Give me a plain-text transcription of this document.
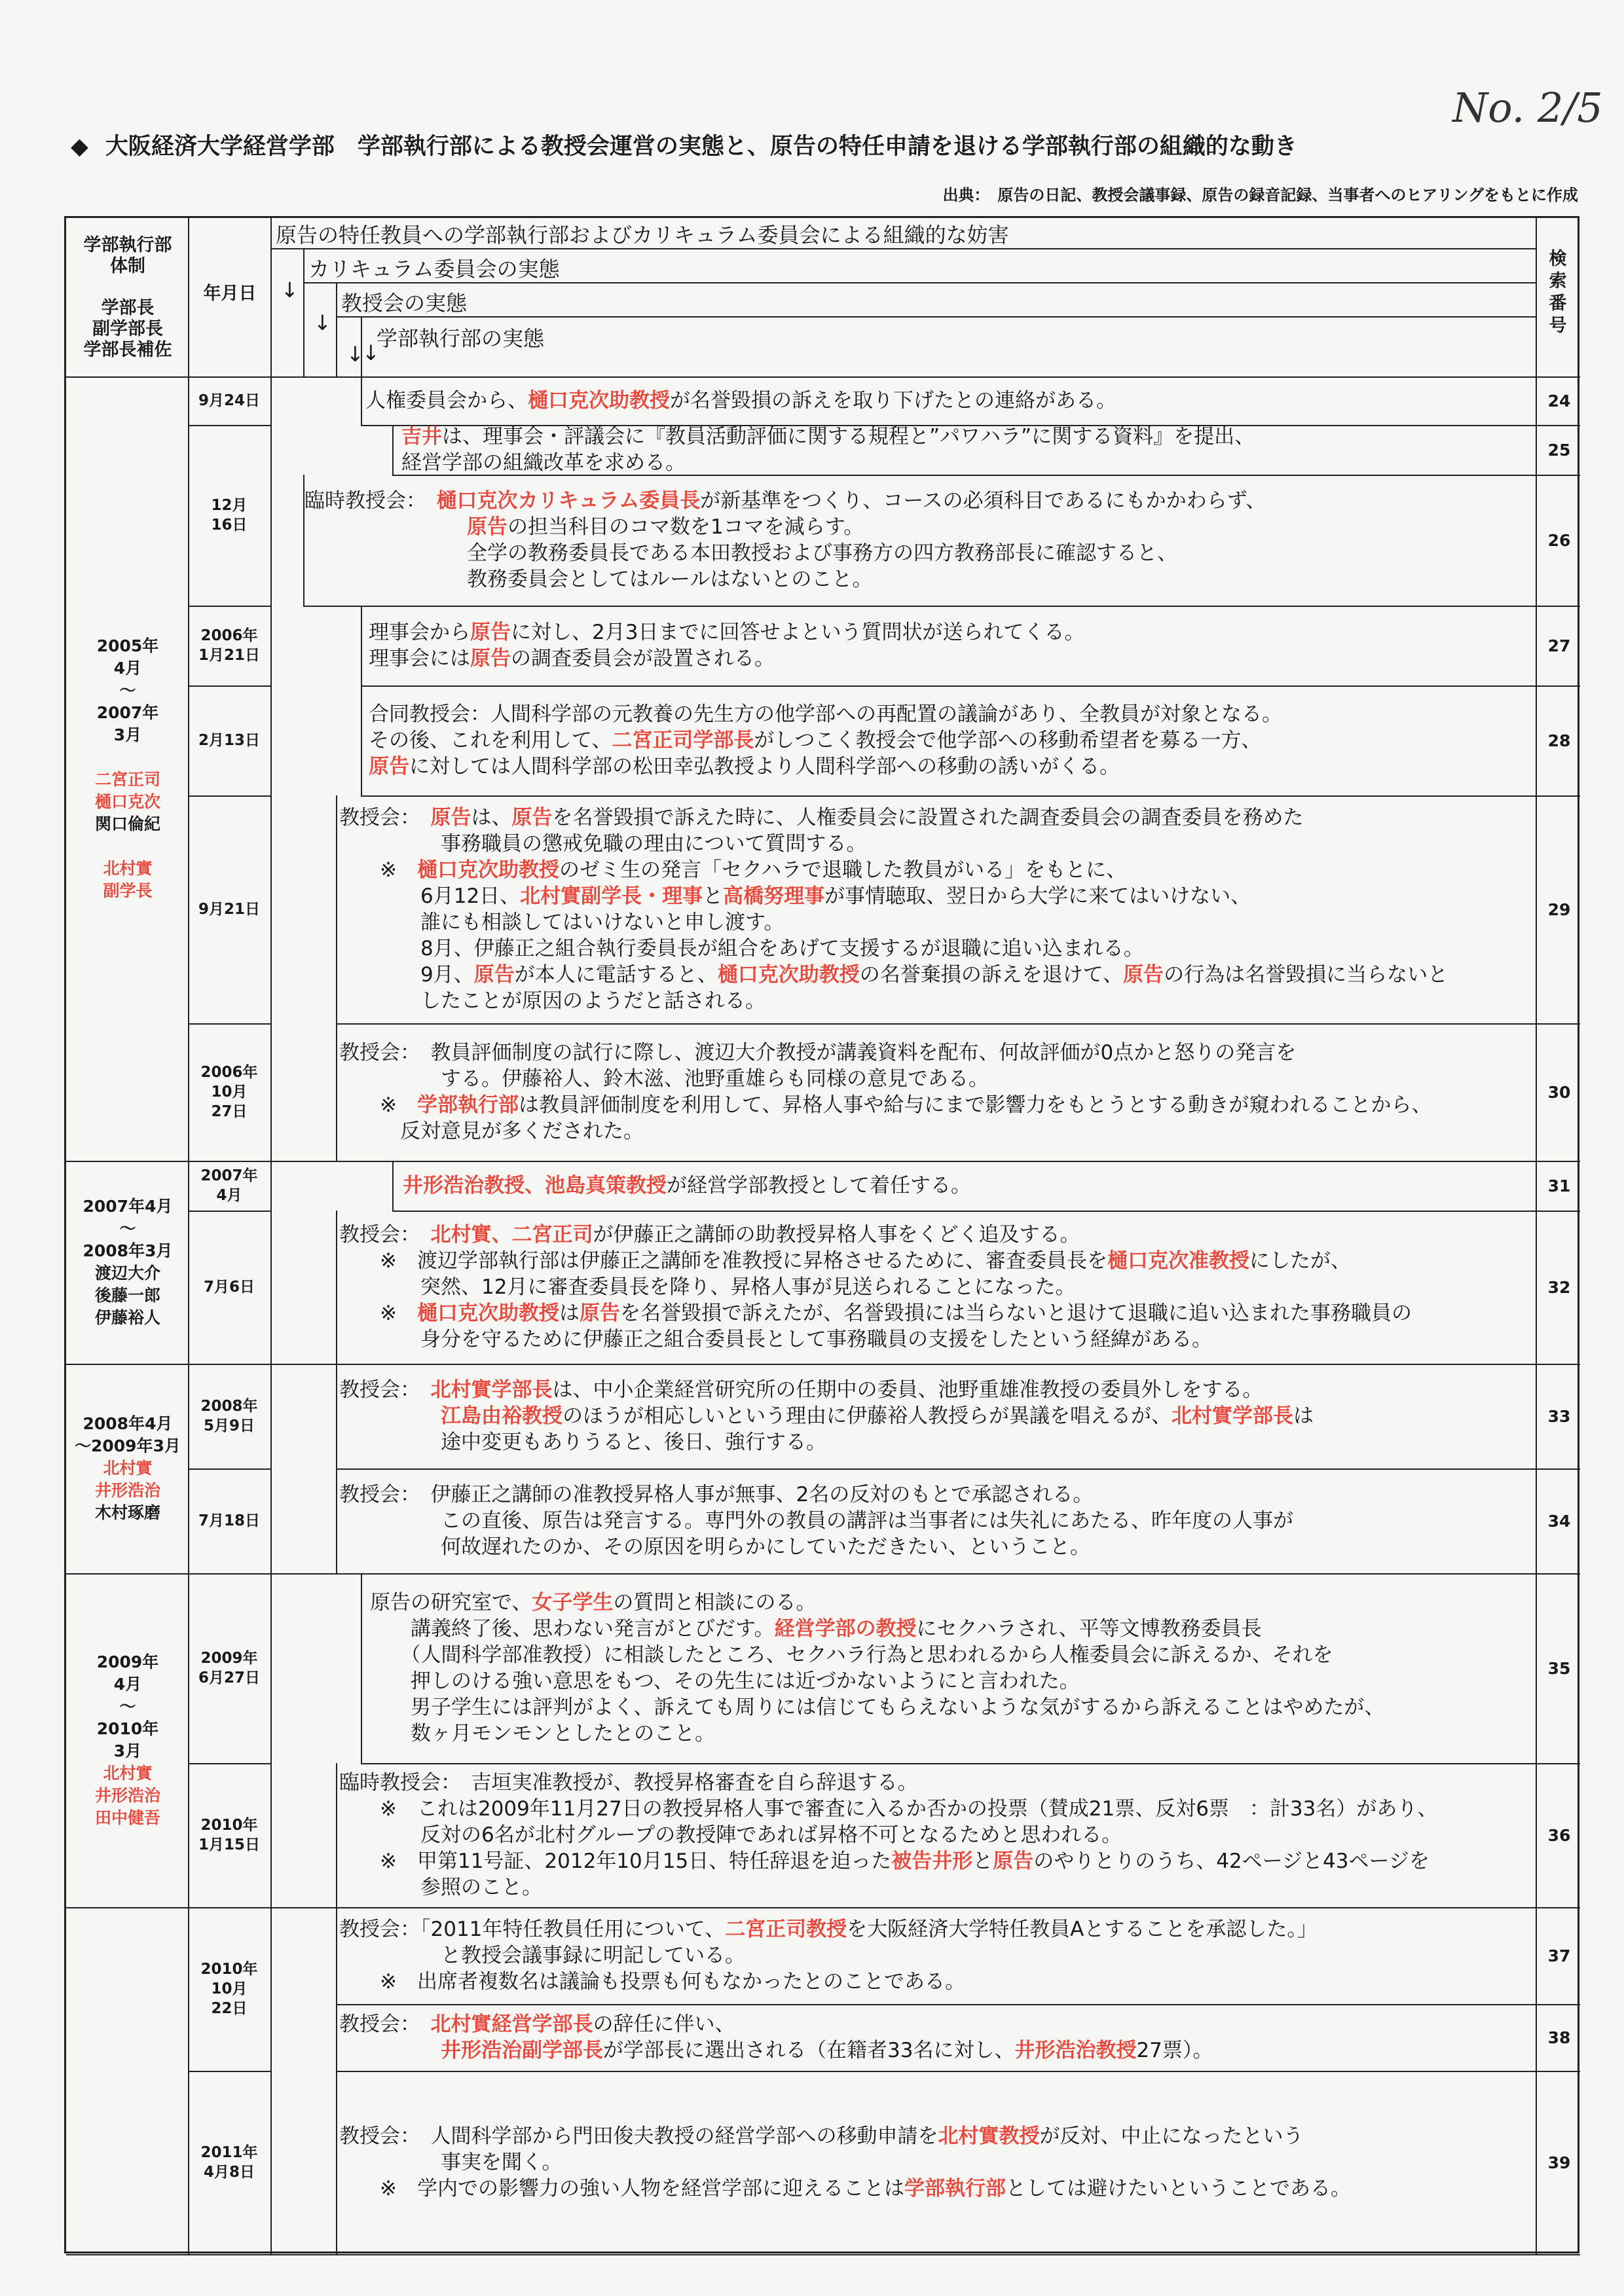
No. 2/5
◆ 大阪経済大学経営学部　学部執行部による教授会運営の実態と、原告の特任申請を退ける学部執行部の組織的な動き
出典：　原告の日記、教授会議事録、原告の録音記録、当事者へのヒアリングをもとに作成
学部執行部
体制

学部長
副学部長
学部長補佐
年月日
検
索
番
号
原告の特任教員への学部執行部およびカリキュラム委員会による組織的な妨害
カリキュラム委員会の実態
教授会の実態
学部執行部の実態
↓
↓
↓
↓
2005年
4月
～
2007年
3月

二宮正司
樋口克次
関口倫紀

北村實
副学長
2007年4月
～
2008年3月
渡辺大介
後藤一郎
伊藤裕人
2008年4月
～2009年3月
北村實
井形浩治
木村琢磨
2009年
4月
～
2010年
3月
北村實
井形浩治
田中健吾
9月24日
12月
16日
2006年
1月21日
2月13日
9月21日
2006年
10月
27日
2007年
4月
7月6日
2008年
5月9日
7月18日
2009年
6月27日
2010年
1月15日
2010年
10月
22日
2011年
4月8日
24
人権委員会から、樋口克次助教授が名誉毀損の訴えを取り下げたとの連絡がある。
25
吉井は、理事会・評議会に『教員活動評価に関する規程と”パワハラ”に関する資料』を提出、
経営学部の組織改革を求める。
26
臨時教授会：　樋口克次カリキュラム委員長が新基準をつくり、コースの必須科目であるにもかかわらず、
　　　　　　　　原告の担当科目のコマ数を1コマを減らす。
　　　　　　　　全学の教務委員長である本田教授および事務方の四方教務部長に確認すると、
　　　　　　　　教務委員会としてはルールはないとのこと。
27
理事会から原告に対し、2月3日までに回答せよという質問状が送られてくる。
理事会には原告の調査委員会が設置される。
28
合同教授会：人間科学部の元教養の先生方の他学部への再配置の議論があり、全教員が対象となる。
その後、これを利用して、二宮正司学部長がしつこく教授会で他学部への移動希望者を募る一方、
原告に対しては人間科学部の松田幸弘教授より人間科学部への移動の誘いがくる。
29
教授会：　原告は、原告を名誉毀損で訴えた時に、人権委員会に設置された調査委員会の調査委員を務めた
　　　　　事務職員の懲戒免職の理由について質問する。
　　※　樋口克次助教授のゼミ生の発言「セクハラで退職した教員がいる」をもとに、
　　　　6月12日、北村實副学長・理事と高橋努理事が事情聴取、翌日から大学に来てはいけない、
　　　　誰にも相談してはいけないと申し渡す。
　　　　8月、伊藤正之組合執行委員長が組合をあげて支援するが退職に追い込まれる。
　　　　9月、原告が本人に電話すると、樋口克次助教授の名誉棄損の訴えを退けて、原告の行為は名誉毀損に当らないと
　　　　したことが原因のようだと話される。
30
教授会：　教員評価制度の試行に際し、渡辺大介教授が講義資料を配布、何故評価が0点かと怒りの発言を
　　　　　する。伊藤裕人、鈴木滋、池野重雄らも同様の意見である。
　　※　学部執行部は教員評価制度を利用して、昇格人事や給与にまで影響力をもとうとする動きが窺われることから、
　　　反対意見が多くだされた。
31
井形浩治教授、池島真策教授が経営学部教授として着任する。
32
教授会：　北村實、二宮正司が伊藤正之講師の助教授昇格人事をくどく追及する。
　　※　渡辺学部執行部は伊藤正之講師を准教授に昇格させるために、審査委員長を樋口克次准教授にしたが、
　　　　突然、12月に審査委員長を降り、昇格人事が見送られることになった。
　　※　樋口克次助教授は原告を名誉毀損で訴えたが、名誉毀損には当らないと退けて退職に追い込まれた事務職員の
　　　　身分を守るために伊藤正之組合委員長として事務職員の支援をしたという経緯がある。
33
教授会：　北村實学部長は、中小企業経営研究所の任期中の委員、池野重雄准教授の委員外しをする。
　　　　　江島由裕教授のほうが相応しいという理由に伊藤裕人教授らが異議を唱えるが、北村實学部長は
　　　　　途中変更もありうると、後日、強行する。
34
教授会：　伊藤正之講師の准教授昇格人事が無事、2名の反対のもとで承認される。
　　　　　この直後、原告は発言する。専門外の教員の講評は当事者には失礼にあたる、昨年度の人事が
　　　　　何故遅れたのか、その原因を明らかにしていただきたい、ということ。
35
原告の研究室で、女子学生の質問と相談にのる。
　　講義終了後、思わない発言がとびだす。経営学部の教授にセクハラされ、平等文博教務委員長
　　（人間科学部准教授）に相談したところ、セクハラ行為と思われるから人権委員会に訴えるか、それを
　　押しのける強い意思をもつ、その先生には近づかないようにと言われた。
　　男子学生には評判がよく、訴えても周りには信じてもらえないような気がするから訴えることはやめたが、
　　数ヶ月モンモンとしたとのこと。
36
臨時教授会：　吉垣実准教授が、教授昇格審査を自ら辞退する。
　　※　これは2009年11月27日の教授昇格人事で審査に入るか否かの投票（賛成21票、反対6票　：計33名）があり、
　　　　反対の6名が北村グループの教授陣であれば昇格不可となるためと思われる。
　　※　甲第11号証、2012年10月15日、特任辞退を迫った被告井形と原告のやりとりのうち、42ページと43ページを
　　　　参照のこと。
37
教授会：「2011年特任教員任用について、二宮正司教授を大阪経済大学特任教員Aとすることを承認した。」
　　　　　と教授会議事録に明記している。
　　※　出席者複数名は議論も投票も何もなかったとのことである。
38
教授会：　北村實経営学部長の辞任に伴い、
　　　　　井形浩治副学部長が学部長に選出される（在籍者33名に対し、井形浩治教授27票）。
39
教授会：　人間科学部から門田俊夫教授の経営学部への移動申請を北村實教授が反対、中止になったという
　　　　　事実を聞く。
　　※　学内での影響力の強い人物を経営学部に迎えることは学部執行部としては避けたいということである。
